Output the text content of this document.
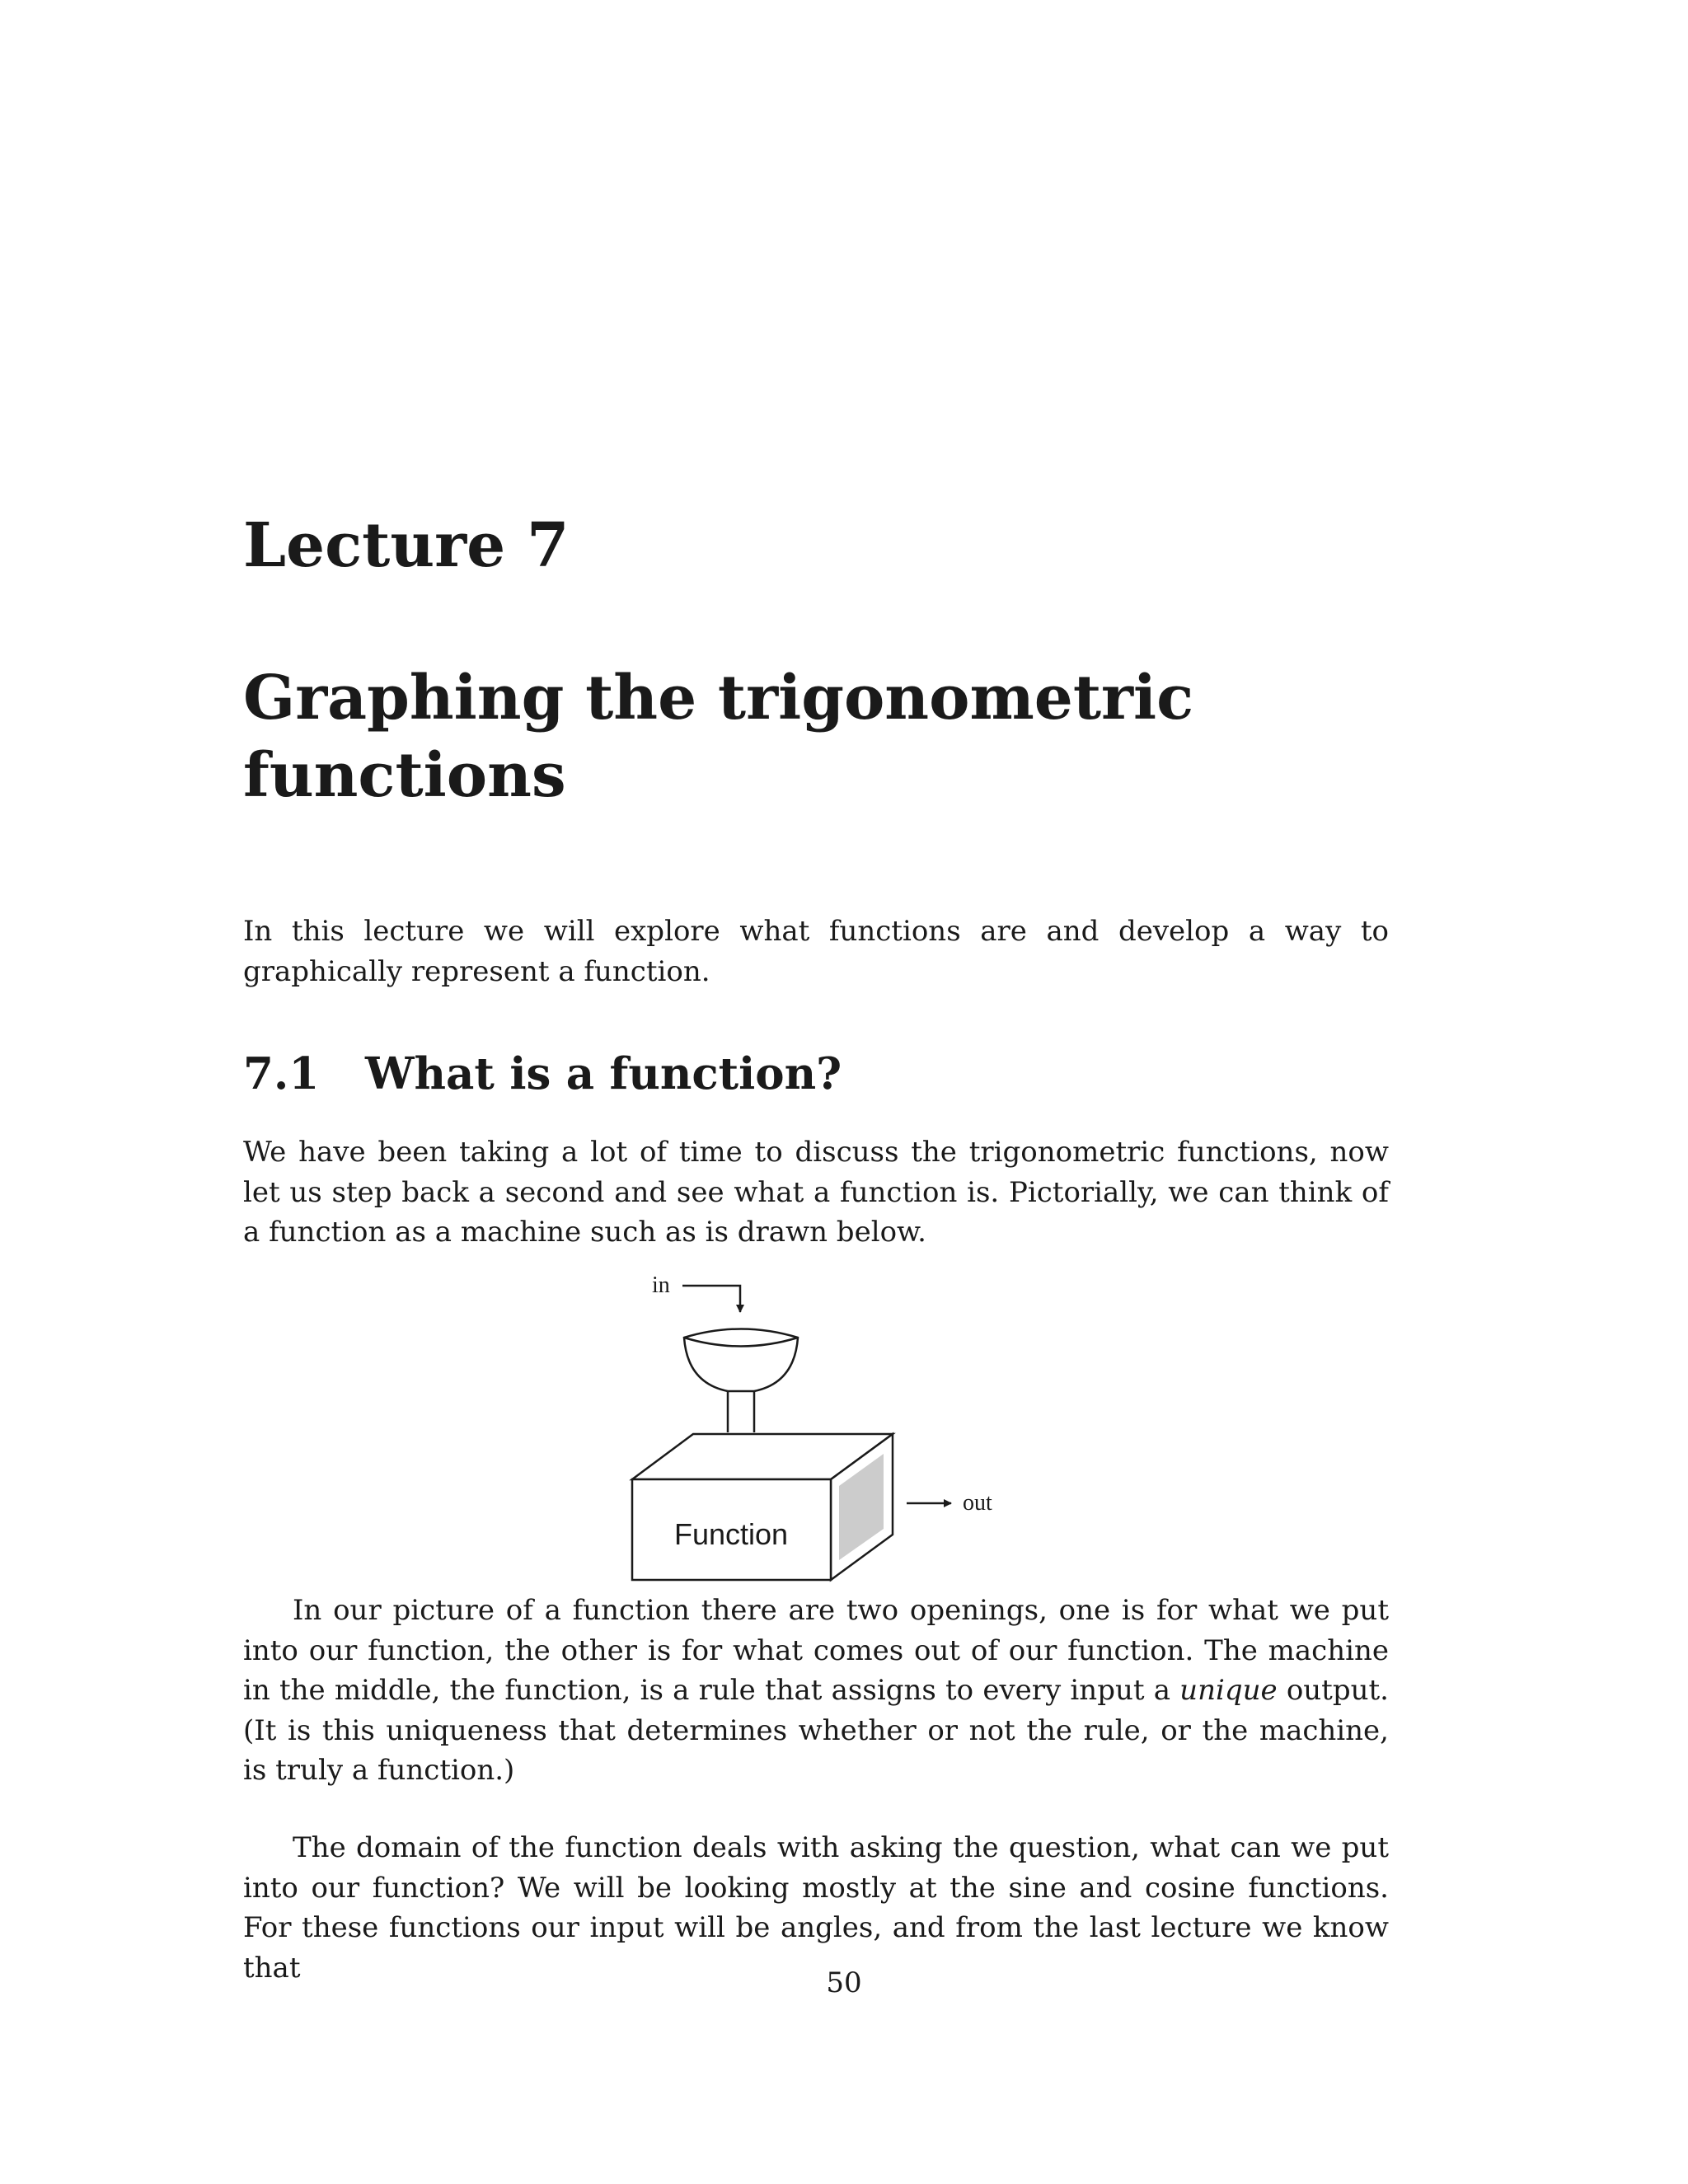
Lecture 7
Graphing the trigonometric functions

In this lecture we will explore what functions are and develop a way to graphically represent a function.

7.1 What is a function?

We have been taking a lot of time to discuss the trigonometric functions, now let us step back a second and see what a function is. Pictorially, we can think of a function as a machine such as is drawn below.

in
Function
out

In our picture of a function there are two openings, one is for what we put into our function, the other is for what comes out of our function. The machine in the middle, the function, is a rule that assigns to every input a unique output. (It is this uniqueness that determines whether or not the rule, or the machine, is truly a function.)

The domain of the function deals with asking the question, what can we put into our function? We will be looking mostly at the sine and cosine functions. For these functions our input will be angles, and from the last lecture we know that	50
